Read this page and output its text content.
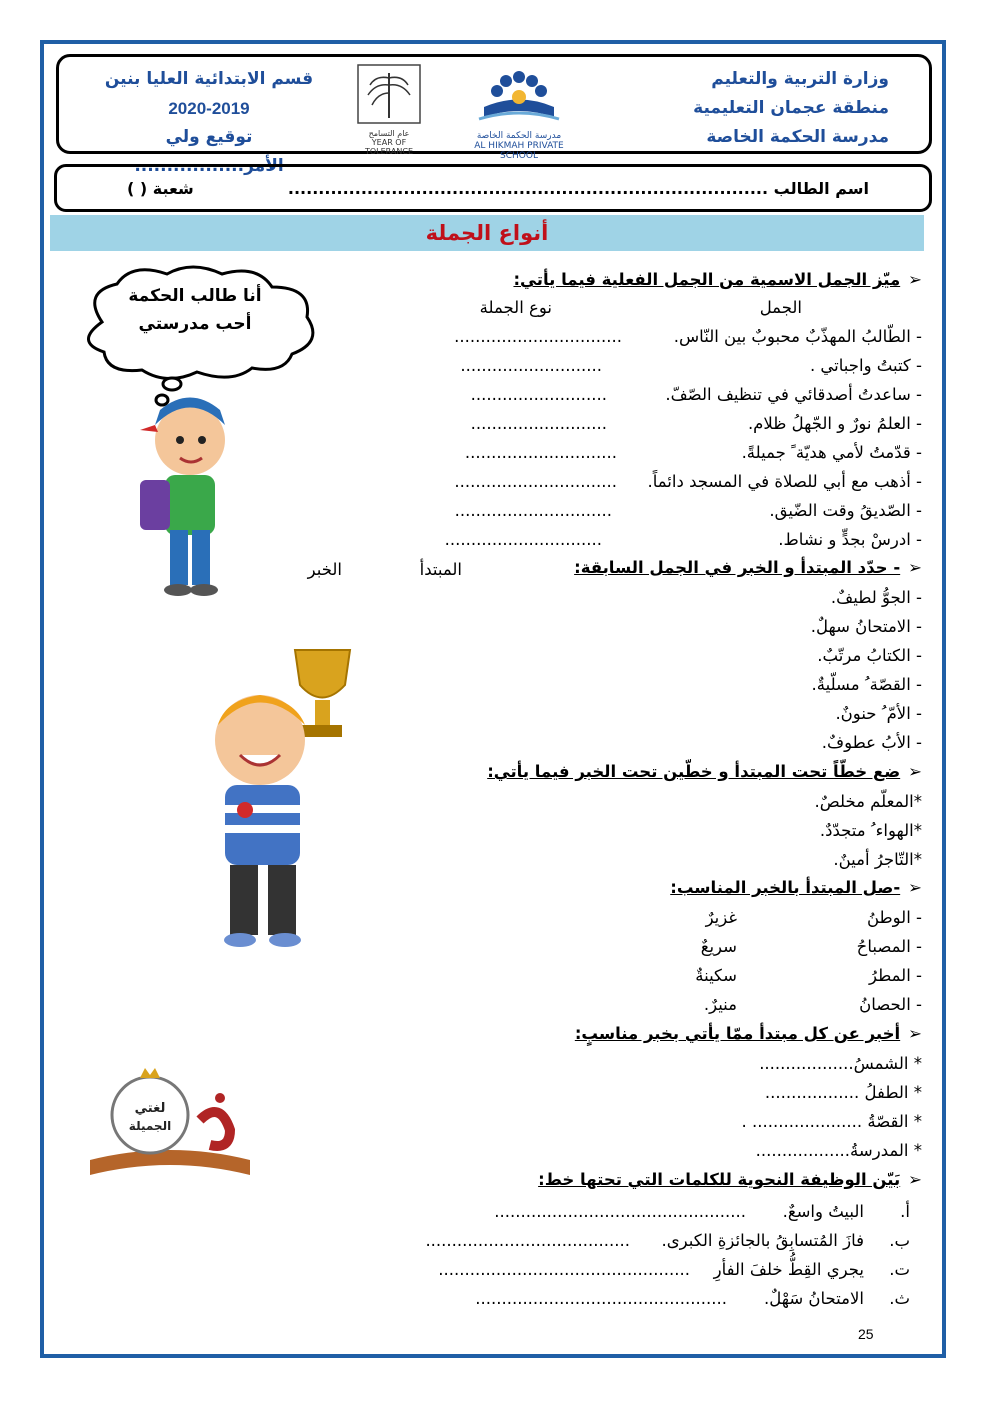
وزارة التربية والتعليم
منطقة عجمان التعليمية
مدرسة الحكمة الخاصة
مدرسة الحكمة الخاصة
AL HIKMAH PRIVATE SCHOOL
عام التسامح
YEAR OF TOLERANCE
قسم الابتدائية العليا بنين
2020-2019
توقيع ولي الأمر.................
اسم الطالب ...............................................................................
شعبة ( )
أنواع الجملة
أنا طالب الحكمة
أحب مدرستي
لغتي
الجميلة
➢ميّز الجمل الاسمية من الجمل الفعلية فيما يأتي:
الجمل
نوع الجملة
- الطّالبُ المهذّبٌ محبوبٌ بين النّاس.
................................
- كتبتُ واجباتي .
...........................
- ساعدتُ أصدقائي في تنظيف الصّفّ.
..........................
- العلمُ نورٌ و الجّهلُ ظلام.
..........................
- قدّمتُ لأمي هديّة ً جميلةً.
.............................
- أذهب مع أبي للصلاة في المسجد دائماً.
...............................
- الصّديقُ وقت الضّيق.
..............................
- ادرسْ بجدٍّ و نشاط.
..............................
➢- حدّد المبتدأ و الخبر في الجمل السابقة:
المبتدأ
الخبر
- الجوُّ لطيفٌ.
- الامتحانُ سهلٌ.
- الكتابُ مرتّبٌ.
- القصّة ُ مسلّيةٌ.
- الأمّ ُ حنونٌ.
- الأبُ عطوفٌ.
➢ضع خطّاً تحت المبتدأ و خطّين تحت الخبر فيما يأتي:
*المعلّم مخلصٌ.
*الهواء ُ متجدّدٌ.
*التّاجرُ أمينٌ.
➢-صل المبتدأ بالخبر المناسب:
- الوطنُ
غزيرٌ
- المصباحُ
سريعٌ
- المطرُ
سكينةٌ
- الحصانُ
منيرٌ.
➢أخبر عن كل مبتدأ ممّا يأتي بخبر مناسبٍ:
* الشمسُ..................
* الطفلُ ..................
* القصّةُ ..................... .
* المدرسةُ..................
➢بَيّن الوظيفة النحوية للكلمات التي تحتها خط:
أ.
البيتُ واسعٌ.
................................................
ب.
فازَ المُتسابِقُ بالجائزةِ الكبرى.
.......................................
ت.
يجري القِطُّ خلفَ الفأرِ
................................................
ث.
الامتحانُ سَهْلٌ.
................................................
25
